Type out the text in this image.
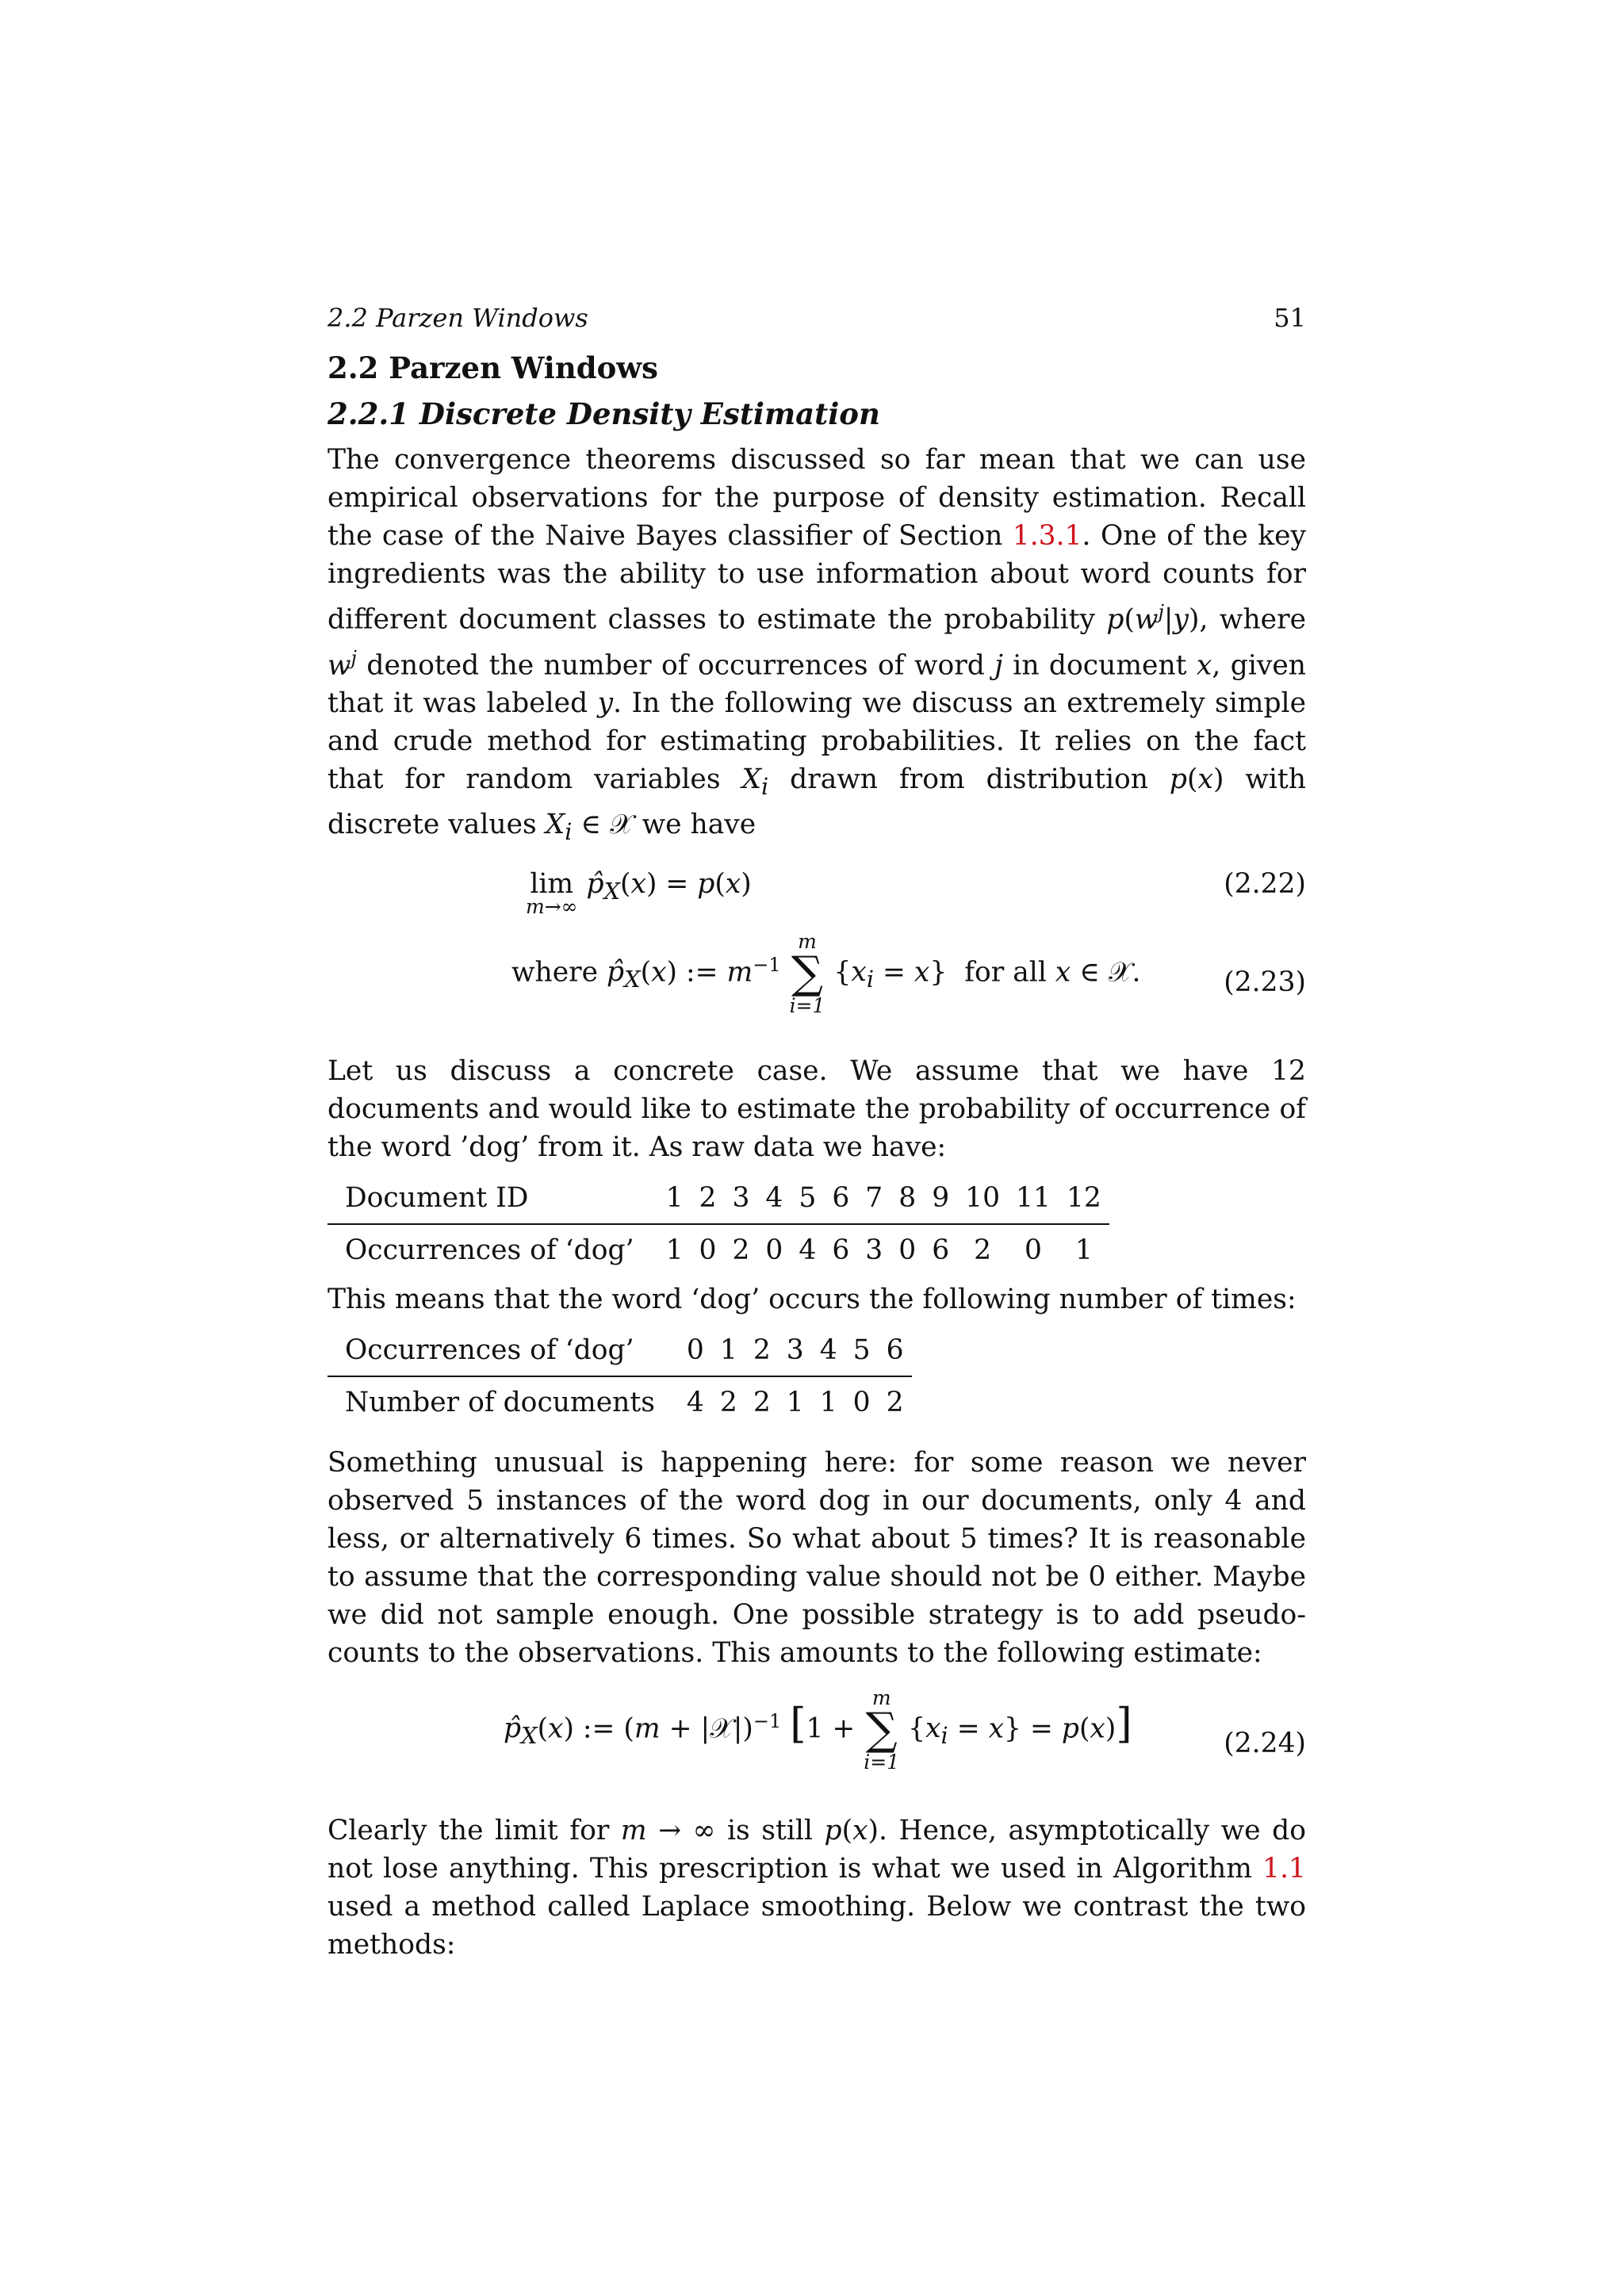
2.2 Parzen Windows	51
2.2 Parzen Windows
2.2.1 Discrete Density Estimation

The convergence theorems discussed so far mean that we can use empirical observations for the purpose of density estimation. Recall the case of the Naive Bayes classifier of Section 1.3.1. One of the key ingredients was the ability to use information about word counts for different document classes to estimate the probability $p(w^j|y)$, where $w^j$ denoted the number of occurrences of word j in document x, given that it was labeled y. In the following we discuss an extremely simple and crude method for estimating probabilities. It relies on the fact that for random variables $X_i$ drawn from distribution p(x) with discrete values $X_i$ ∈ 𝒳 we have

lim
m→∞
$p̂_X(x) = p(x)$	(2.22)
where $p̂_X(x)$ := $m^{-1}$
m
∑
i=1
$\{x_i = x\}$  for all x ∈ 𝒳.	(2.23)

Let us discuss a concrete case. We assume that we have 12 documents and would like to estimate the probability of occurrence of the word ’dog’ from it. As raw data we have:

Document ID	1	2	3	4	5	6	7	8	9	10	11	12
Occurrences of ‘dog’	1	0	2	0	4	6	3	0	6	2	0	1

This means that the word ‘dog’ occurs the following number of times:

Occurrences of ‘dog’	0	1	2	3	4	5	6
Number of documents	4	2	2	1	1	0	2

Something unusual is happening here: for some reason we never observed 5 instances of the word dog in our documents, only 4 and less, or alternatively 6 times. So what about 5 times? It is reasonable to assume that the corresponding value should not be 0 either. Maybe we did not sample enough. One possible strategy is to add pseudo-counts to the observations. This amounts to the following estimate:

$p̂_X(x)$ := (m + |𝒳|)$^{-1}$ [1 +
m
∑
i=1
$\{x_i = x\} = p(x)$]	(2.24)

Clearly the limit for m → ∞ is still p(x). Hence, asymptotically we do not lose anything. This prescription is what we used in Algorithm 1.1 used a method called Laplace smoothing. Below we contrast the two methods:
